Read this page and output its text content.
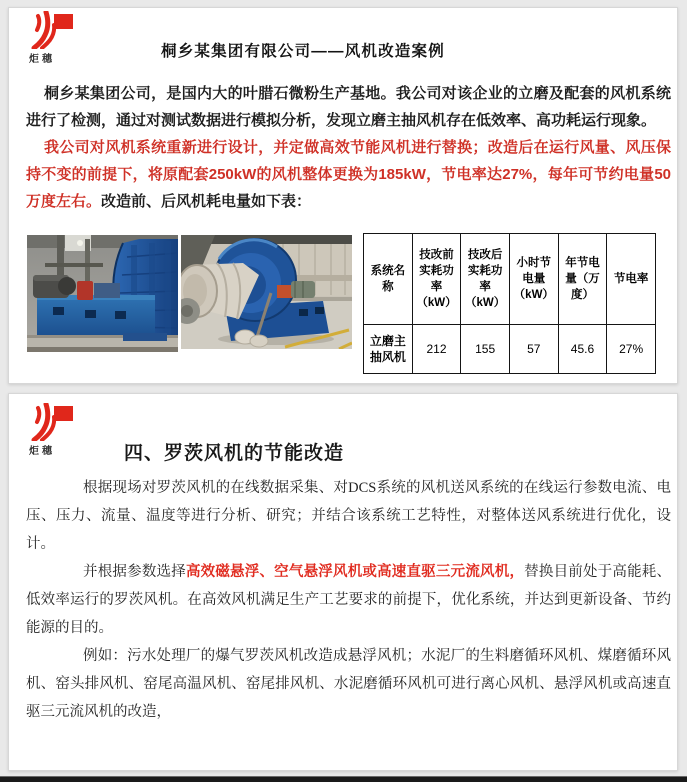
炬穗	桐乡某集团有限公司——风机改造案例

桐乡某集团公司，是国内大的叶腊石微粉生产基地。我公司对该企业的立磨及配套的风机系统进行了检测，通过对测试数据进行模拟分析，发现立磨主抽风机存在低效率、高功耗运行现象。

我公司对风机系统重新进行设计，并定做高效节能风机进行替换；改造后在运行风量、风压保持不变的前提下，将原配套250kW的风机整体更换为185kW，节电率达27%，每年可节约电量50万度左右。改造前、后风机耗电量如下表：

系统名称	技改前实耗功率（kW）	技改后实耗功率（kW）	小时节电量（kW）	年节电量（万度）	节电率
立磨主抽风机	212	155	57	45.6	27%
炬穗	四、罗茨风机的节能改造

根据现场对罗茨风机的在线数据采集、对DCS系统的风机送风系统的在线运行参数电流、电压、压力、流量、温度等进行分析、研究；并结合该系统工艺特性，对整体送风系统进行优化，设计。

并根据参数选择高效磁悬浮、空气悬浮风机或高速直驱三元流风机，替换目前处于高能耗、低效率运行的罗茨风机。在高效风机满足生产工艺要求的前提下，优化系统，并达到更新设备、节约能源的目的。

例如：污水处理厂的爆气罗茨风机改造成悬浮风机；水泥厂的生料磨循环风机、煤磨循环风机、窑头排风机、窑尾高温风机、窑尾排风机、水泥磨循环风机可进行离心风机、悬浮风机或高速直驱三元流风机的改造，
